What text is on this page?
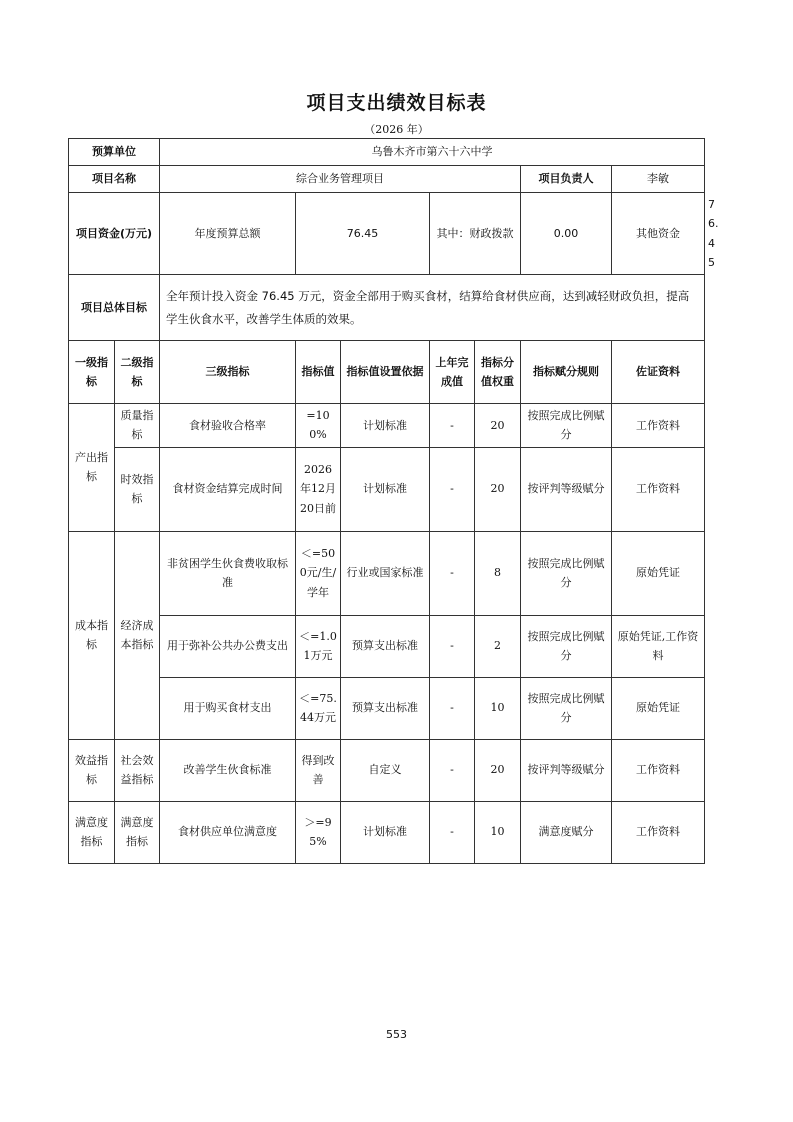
项目支出绩效目标表
（2026 年）
预算单位		乌鲁木齐市第六十六中学							
项目名称		综合业务管理项目					项目负责人	李敏	
项目资金(万元)		年度预算总额	76.45		其中：财政拨款		0.00	其他资金	76.45
项目总体目标		全年预计投入资金 76.45 万元，资金全部用于购买食材，结算给食材供应商，达到减轻财政负担，提高学生伙食水平，改善学生体质的效果。							
一级指标	二级指标	三级指标	指标值	指标值设置依据	上年完成值	指标分值权重	指标赋分规则	佐证资料	
产出指标	质量指标	食材验收合格率	=100%	计划标准	-	20	按照完成比例赋分	工作资料	
	时效指标	食材资金结算完成时间	2026年12月20日前	计划标准	-	20	按评判等级赋分	工作资料	
成本指标	经济成本指标	非贫困学生伙食费收取标准	＜=500元/生/学年	行业或国家标准	-	8	按照完成比例赋分	原始凭证	
		用于弥补公共办公费支出	＜=1.01万元	预算支出标准	-	2	按照完成比例赋分	原始凭证,工作资料	
		用于购买食材支出	＜=75.44万元	预算支出标准	-	10	按照完成比例赋分	原始凭证	
效益指标	社会效益指标	改善学生伙食标准	得到改善	自定义	-	20	按评判等级赋分	工作资料	
满意度指标	满意度指标	食材供应单位满意度	＞=95%	计划标准	-	10	满意度赋分	工作资料	
553
